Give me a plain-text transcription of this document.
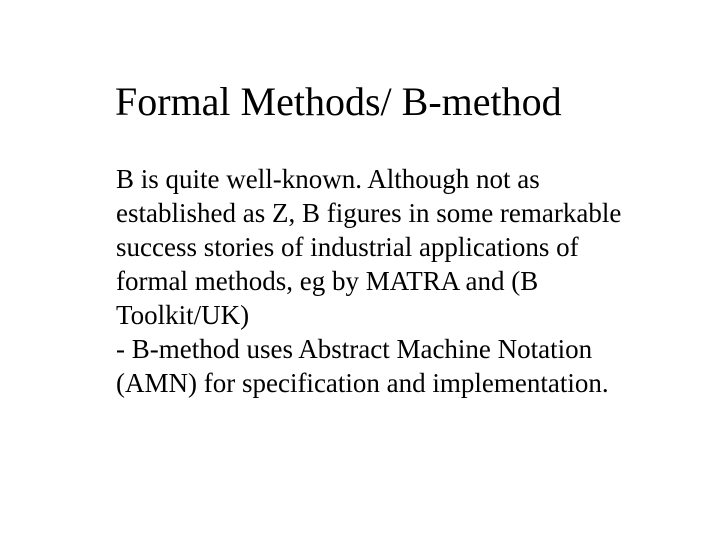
Formal Methods/ B-method

B is quite well-known. Although not as
established as Z, B figures in some remarkable
success stories of industrial applications of
formal methods, eg by MATRA and (B
Toolkit/UK)

- B-method uses Abstract Machine Notation
(AMN) for specification and implementation.
